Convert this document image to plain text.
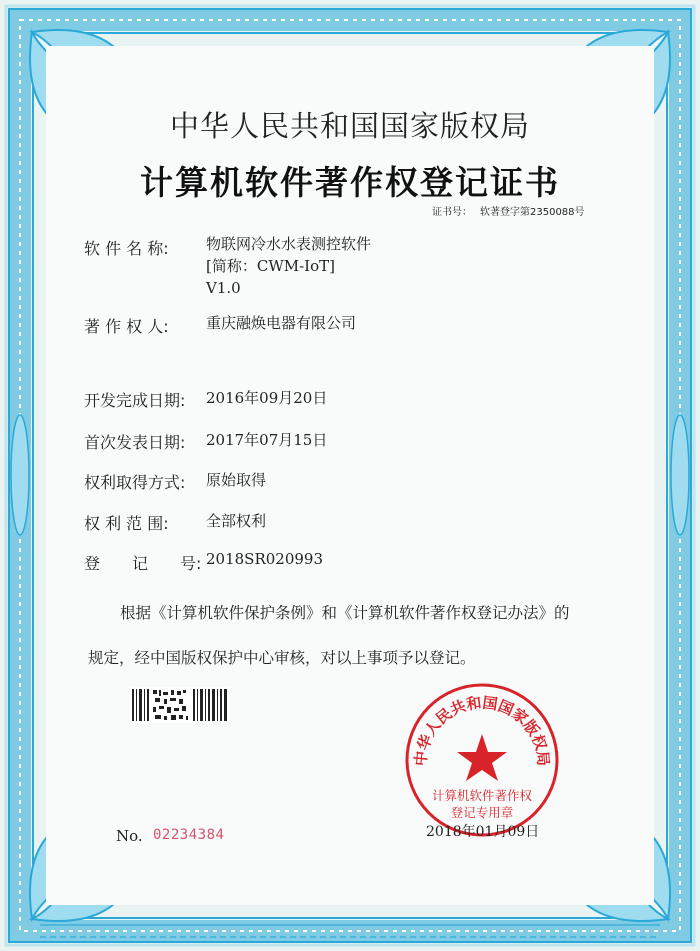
中华人民共和国国家版权局
计算机软件著作权登记证书
证书号： 软著登字第2350088号
软 件 名 称: 物联网冷水水表测控软件
[简称：CWM-IoT]
V1.0
著 作 权 人: 重庆融焕电器有限公司
开发完成日期: 2016年09月20日
首次发表日期: 2017年07月15日
权利取得方式: 原始取得
权 利 范 围: 全部权利
登　　记　　号: 2018SR020993
根据《计算机软件保护条例》和《计算机软件著作权登记办法》的
规定，经中国版权保护中心审核，对以上事项予以登记。
No. 02234384
中华人民共和国国家版权局
计算机软件著作权
登记专用章
2018年01月09日
